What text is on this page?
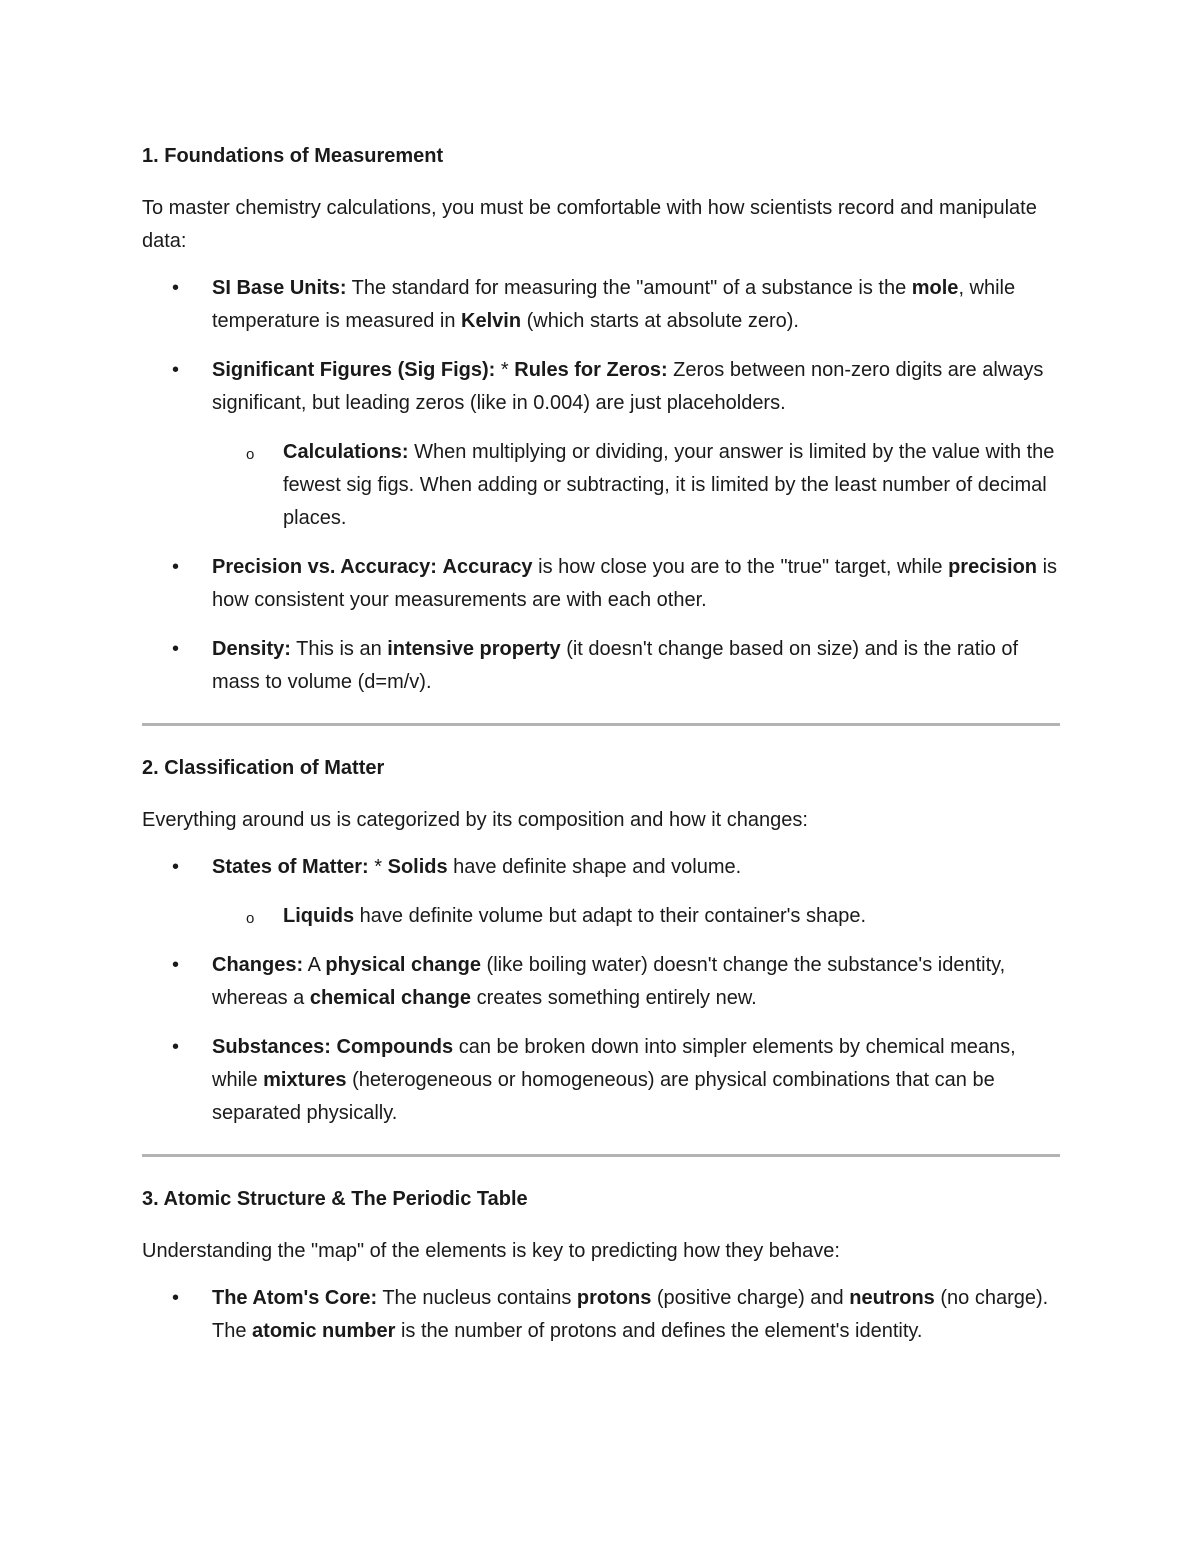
1. Foundations of Measurement

To master chemistry calculations, you must be comfortable with how scientists record and manipulate data:

• SI Base Units: The standard for measuring the "amount" of a substance is the mole, while temperature is measured in Kelvin (which starts at absolute zero).
• Significant Figures (Sig Figs): * Rules for Zeros: Zeros between non-zero digits are always significant, but leading zeros (like in 0.004) are just placeholders.
o Calculations: When multiplying or dividing, your answer is limited by the value with the fewest sig figs. When adding or subtracting, it is limited by the least number of decimal places.
• Precision vs. Accuracy: Accuracy is how close you are to the "true" target, while precision is how consistent your measurements are with each other.
• Density: This is an intensive property (it doesn't change based on size) and is the ratio of mass to volume (d=m/v).
2. Classification of Matter

Everything around us is categorized by its composition and how it changes:

• States of Matter: * Solids have definite shape and volume.
o Liquids have definite volume but adapt to their container's shape.
• Changes: A physical change (like boiling water) doesn't change the substance's identity, whereas a chemical change creates something entirely new.
• Substances: Compounds can be broken down into simpler elements by chemical means, while mixtures (heterogeneous or homogeneous) are physical combinations that can be separated physically.
3. Atomic Structure & The Periodic Table

Understanding the "map" of the elements is key to predicting how they behave:

• The Atom's Core: The nucleus contains protons (positive charge) and neutrons (no charge). The atomic number is the number of protons and defines the element's identity.
